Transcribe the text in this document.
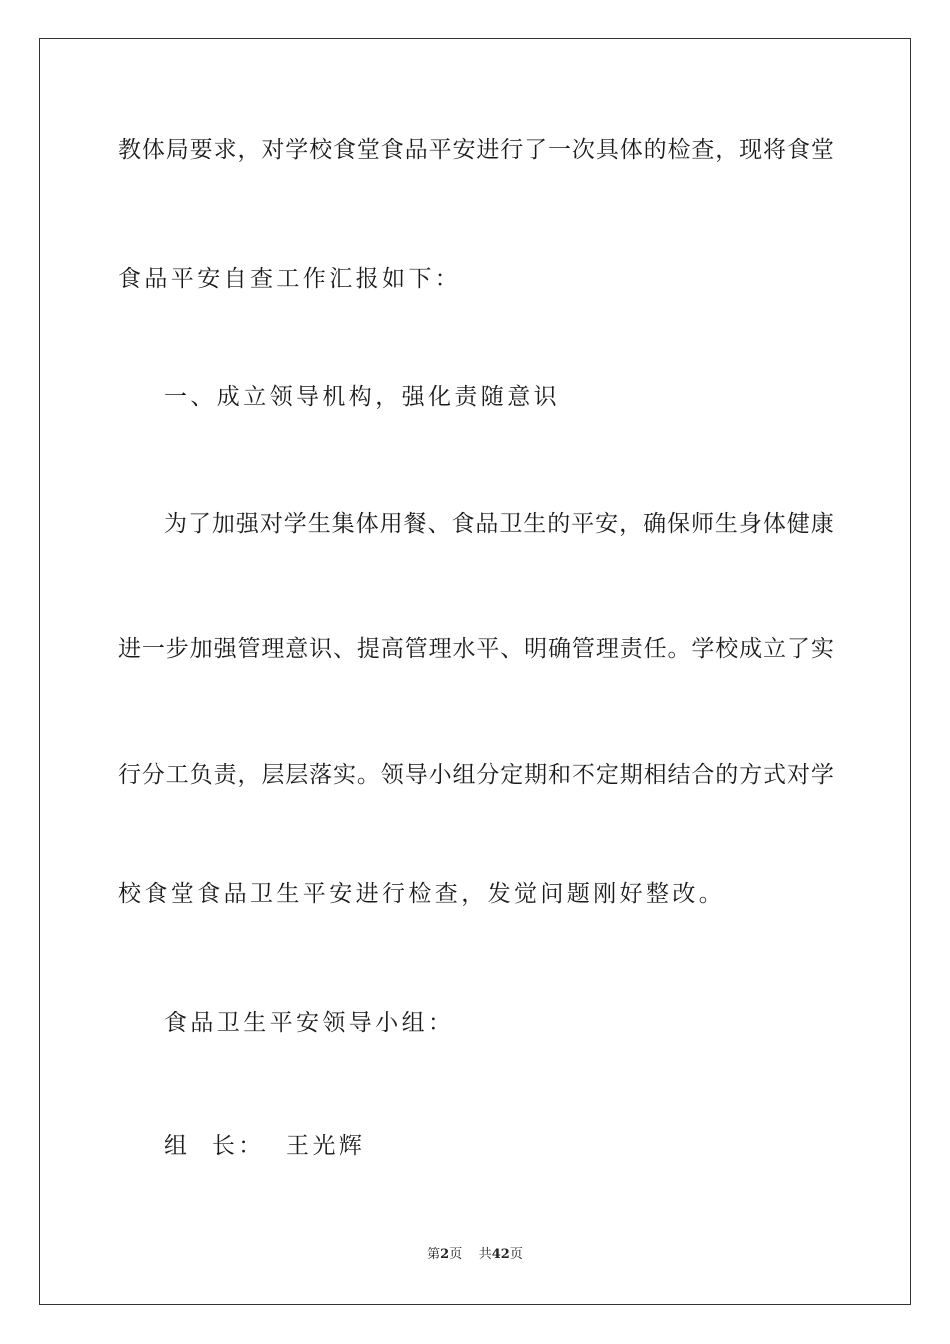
教 体 局 要 求 ， 对 学 校 食 堂 食 品 平 安 进 行 了 一 次 具 体 的 检 查 ， 现 将 食 堂
食品平安自查工作汇报如下：
一、成立领导机构，强化责随意识
为 了 加 强 对 学 生 集 体 用 餐 、 食 品 卫 生 的 平 安 ， 确 保 师 生 身 体 健 康
进 一 步 加 强 管 理 意 识 、 提 高 管 理 水 平 、 明 确 管 理 责 任 。 学 校 成 立 了 实
行 分 工 负 责 ， 层 层 落 实 。 领 导 小 组 分 定 期 和 不 定 期 相 结 合 的 方 式 对 学
校食堂食品卫生平安进行检查，发觉问题刚好整改。
食品卫生平安领导小组：
组  长：  王光辉
第2页 共42页
